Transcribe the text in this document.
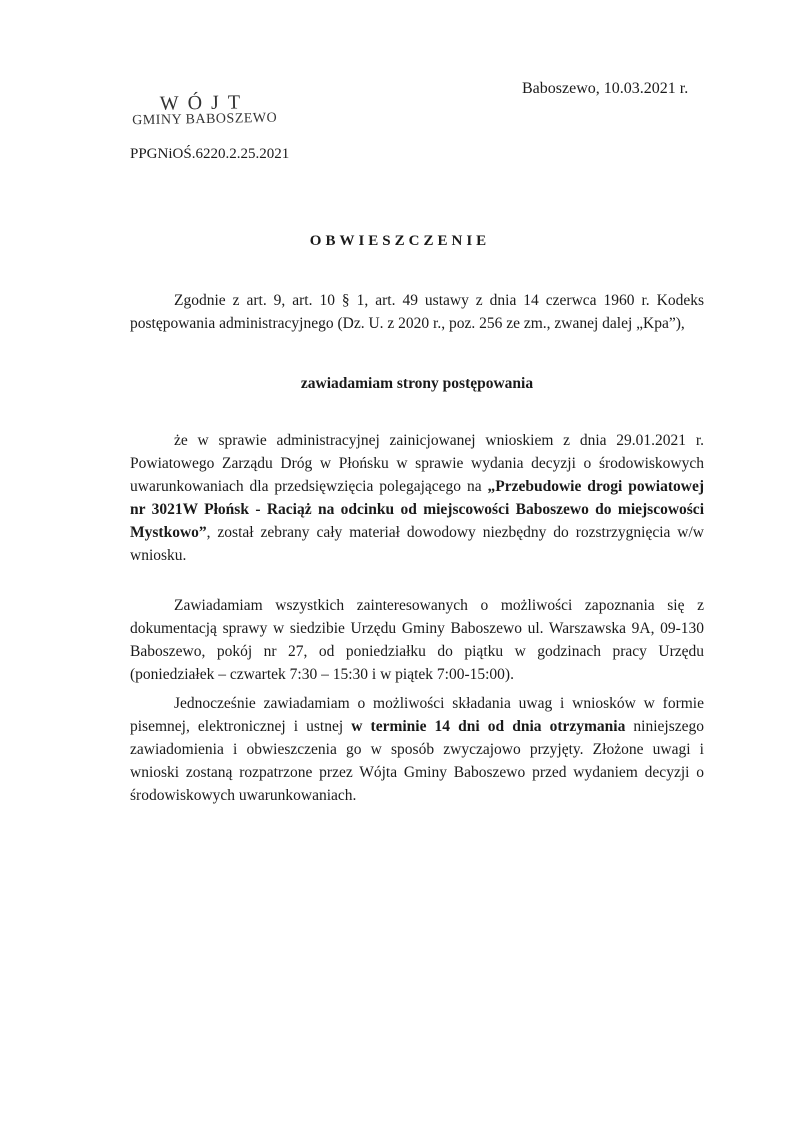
Baboszewo, 10.03.2021 r.
WÓJT
GMINY BABOSZEWO
PPGNiOŚ.6220.2.25.2021
OBWIESZCZENIE

Zgodnie z art. 9, art. 10 § 1, art. 49 ustawy z dnia 14 czerwca 1960 r. Kodeks postępowania administracyjnego (Dz. U. z 2020 r., poz. 256 ze zm., zwanej dalej „Kpa”),

zawiadamiam strony postępowania

że w sprawie administracyjnej zainicjowanej wnioskiem z dnia 29.01.2021 r. Powiatowego Zarządu Dróg w Płońsku w sprawie wydania decyzji o środowiskowych uwarunkowaniach dla przedsięwzięcia polegającego na „Przebudowie drogi powiatowej nr 3021W Płońsk - Raciąż na odcinku od miejscowości Baboszewo do miejscowości Mystkowo”, został zebrany cały materiał dowodowy niezbędny do rozstrzygnięcia w/w wniosku.

Zawiadamiam wszystkich zainteresowanych o możliwości zapoznania się z dokumentacją sprawy w siedzibie Urzędu Gminy Baboszewo ul. Warszawska 9A, 09-130 Baboszewo, pokój nr 27, od poniedziałku do piątku w godzinach pracy Urzędu (poniedziałek – czwartek 7:30 – 15:30 i w piątek 7:00-15:00).

Jednocześnie zawiadamiam o możliwości składania uwag i wniosków w formie pisemnej, elektronicznej i ustnej w terminie 14 dni od dnia otrzymania niniejszego zawiadomienia i obwieszczenia go w sposób zwyczajowo przyjęty. Złożone uwagi i wnioski zostaną rozpatrzone przez Wójta Gminy Baboszewo przed wydaniem decyzji o środowiskowych uwarunkowaniach.
